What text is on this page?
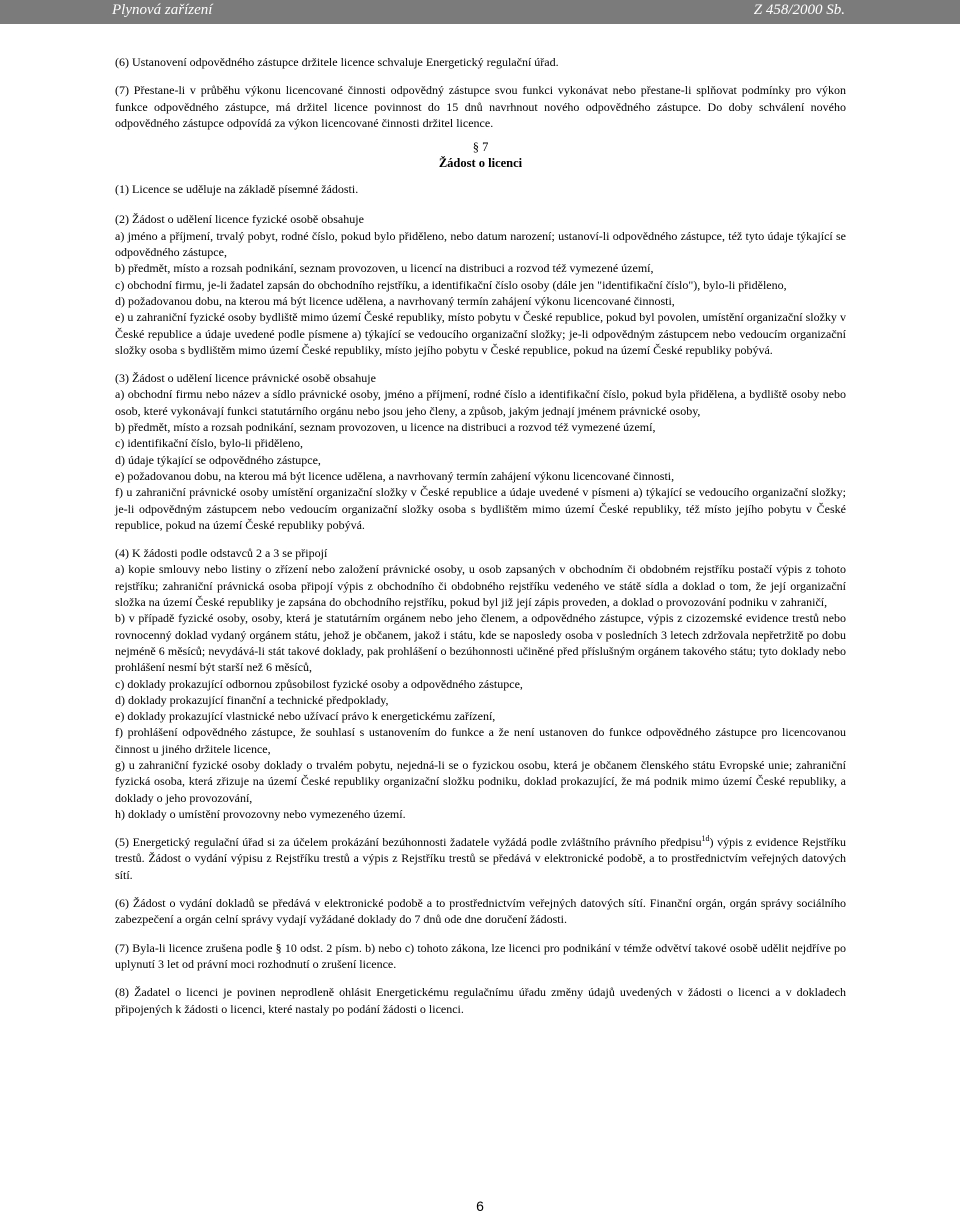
Plynová zařízení	Z 458/2000 Sb.

(6) Ustanovení odpovědného zástupce držitele licence schvaluje Energetický regulační úřad.

(7) Přestane-li v průběhu výkonu licencované činnosti odpovědný zástupce svou funkci vykonávat nebo přestane-li splňovat podmínky pro výkon funkce odpovědného zástupce, má držitel licence povinnost do 15 dnů navrhnout nového odpovědného zástupce. Do doby schválení nového odpovědného zástupce odpovídá za výkon licencované činnosti držitel licence.

§ 7
Žádost o licenci

(1) Licence se uděluje na základě písemné žádosti.

(2) Žádost o udělení licence fyzické osobě obsahuje

a) jméno a příjmení, trvalý pobyt, rodné číslo, pokud bylo přiděleno, nebo datum narození; ustanoví-li odpovědného zástupce, též tyto údaje týkající se odpovědného zástupce,

b) předmět, místo a rozsah podnikání, seznam provozoven, u licencí na distribuci a rozvod též vymezené území,

c) obchodní firmu, je-li žadatel zapsán do obchodního rejstříku, a identifikační číslo osoby (dále jen "identifikační číslo"), bylo-li přiděleno,

d) požadovanou dobu, na kterou má být licence udělena, a navrhovaný termín zahájení výkonu licencované činnosti,

e) u zahraniční fyzické osoby bydliště mimo území České republiky, místo pobytu v České republice, pokud byl povolen, umístění organizační složky v České republice a údaje uvedené podle písmene a) týkající se vedoucího organizační složky; je-li odpovědným zástupcem nebo vedoucím organizační složky osoba s bydlištěm mimo území České republiky, místo jejího pobytu v České republice, pokud na území České republiky pobývá.

(3) Žádost o udělení licence právnické osobě obsahuje

a) obchodní firmu nebo název a sídlo právnické osoby, jméno a příjmení, rodné číslo a identifikační číslo, pokud byla přidělena, a bydliště osoby nebo osob, které vykonávají funkci statutárního orgánu nebo jsou jeho členy, a způsob, jakým jednají jménem právnické osoby,

b) předmět, místo a rozsah podnikání, seznam provozoven, u licence na distribuci a rozvod též vymezené území,

c) identifikační číslo, bylo-li přiděleno,

d) údaje týkající se odpovědného zástupce,

e) požadovanou dobu, na kterou má být licence udělena, a navrhovaný termín zahájení výkonu licencované činnosti,

f) u zahraniční právnické osoby umístění organizační složky v České republice a údaje uvedené v písmeni a) týkající se vedoucího organizační složky; je-li odpovědným zástupcem nebo vedoucím organizační složky osoba s bydlištěm mimo území České republiky, též místo jejího pobytu v České republice, pokud na území České republiky pobývá.

(4) K žádosti podle odstavců 2 a 3 se připojí

a) kopie smlouvy nebo listiny o zřízení nebo založení právnické osoby, u osob zapsaných v obchodním či obdobném rejstříku postačí výpis z tohoto rejstříku; zahraniční právnická osoba připojí výpis z obchodního či obdobného rejstříku vedeného ve státě sídla a doklad o tom, že její organizační složka na území České republiky je zapsána do obchodního rejstříku, pokud byl již její zápis proveden, a doklad o provozování podniku v zahraničí,

b) v případě fyzické osoby, osoby, která je statutárním orgánem nebo jeho členem, a odpovědného zástupce, výpis z cizozemské evidence trestů nebo rovnocenný doklad vydaný orgánem státu, jehož je občanem, jakož i státu, kde se naposledy osoba v posledních 3 letech zdržovala nepřetržitě po dobu nejméně 6 měsíců; nevydává-li stát takové doklady, pak prohlášení o bezúhonnosti učiněné před příslušným orgánem takového státu; tyto doklady nebo prohlášení nesmí být starší než 6 měsíců,

c) doklady prokazující odbornou způsobilost fyzické osoby a odpovědného zástupce,

d) doklady prokazující finanční a technické předpoklady,

e) doklady prokazující vlastnické nebo užívací právo k energetickému zařízení,

f) prohlášení odpovědného zástupce, že souhlasí s ustanovením do funkce a že není ustanoven do funkce odpovědného zástupce pro licencovanou činnost u jiného držitele licence,

g) u zahraniční fyzické osoby doklady o trvalém pobytu, nejedná-li se o fyzickou osobu, která je občanem členského státu Evropské unie; zahraniční fyzická osoba, která zřizuje na území České republiky organizační složku podniku, doklad prokazující, že má podnik mimo území České republiky, a doklady o jeho provozování,

h) doklady o umístění provozovny nebo vymezeného území.

(5) Energetický regulační úřad si za účelem prokázání bezúhonnosti žadatele vyžádá podle zvláštního právního předpisu$^{1d}$) výpis z evidence Rejstříku trestů. Žádost o vydání výpisu z Rejstříku trestů a výpis z Rejstříku trestů se předává v elektronické podobě, a to prostřednictvím veřejných datových sítí.

(6) Žádost o vydání dokladů se předává v elektronické podobě a to prostřednictvím veřejných datových sítí. Finanční orgán, orgán správy sociálního zabezpečení a orgán celní správy vydají vyžádané doklady do 7 dnů ode dne doručení žádosti.

(7) Byla-li licence zrušena podle § 10 odst. 2 písm. b) nebo c) tohoto zákona, lze licenci pro podnikání v témže odvětví takové osobě udělit nejdříve po uplynutí 3 let od právní moci rozhodnutí o zrušení licence.

(8) Žadatel o licenci je povinen neprodleně ohlásit Energetickému regulačnímu úřadu změny údajů uvedených v žádosti o licenci a v dokladech připojených k žádosti o licenci, které nastaly po podání žádosti o licenci.

6
